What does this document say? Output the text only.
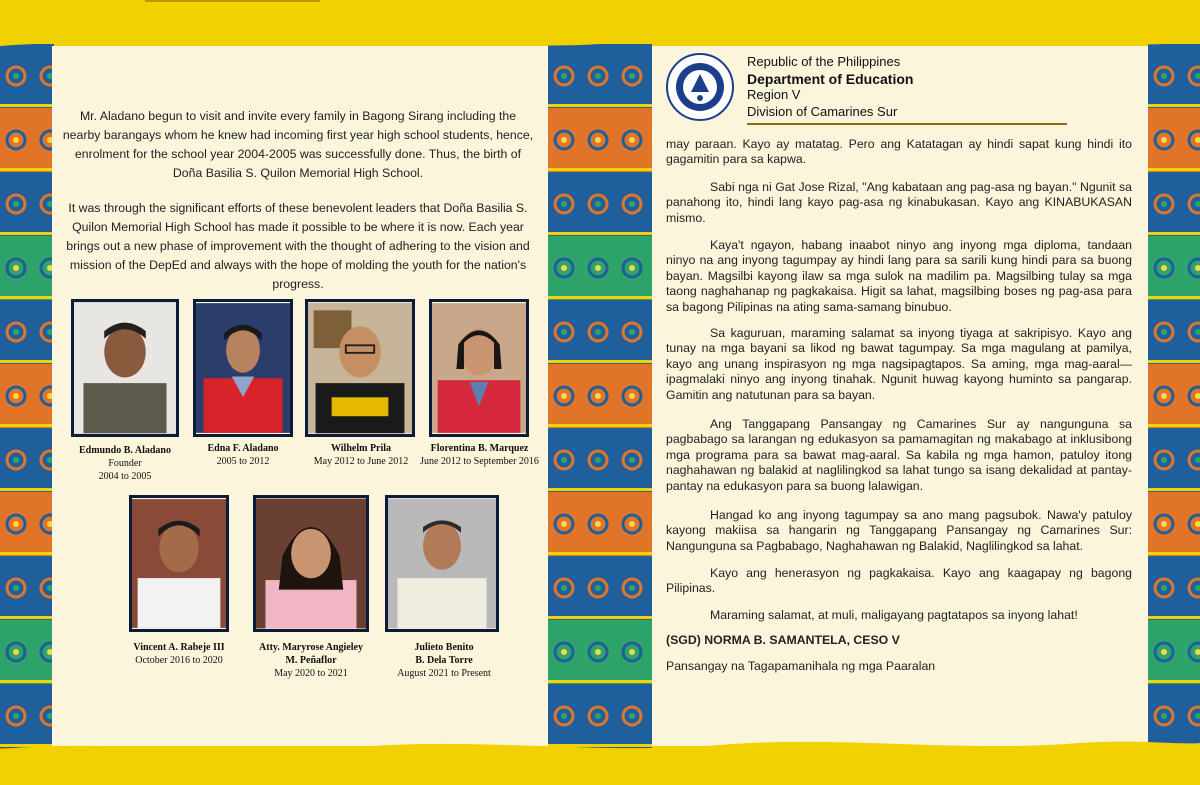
Mr. Aladano begun to visit and invite every family in Bagong Sirang including the nearby barangays whom he knew had incoming first year high school students, hence, enrolment for the school year 2004-2005 was successfully done. Thus, the birth of Doña Basilia S. Quilon Memorial High School.

It was through the significant efforts of these benevolent leaders that Doña Basilia S. Quilon Memorial High School has made it possible to be where it is now. Each year brings out a new phase of improvement with the thought of adhering to the vision and mission of the DepEd and always with the hope of molding the youth for the nation's progress.

Edmundo B. Aladano
Founder
2004 to 2005
Edna F. Aladano
2005 to 2012
Wilhelm Prila
May 2012 to June 2012
Florentina B. Marquez
June 2012 to September 2016
Vincent A. Rabeje III
October 2016 to 2020
Atty. Maryrose Angieley
M. Peñaflor
May 2020 to 2021
Julieto Benito
B. Dela Torre
August 2021 to Present
Republic of the Philippines
Department of Education
Region V
Division of Camarines Sur

may paraan. Kayo ay matatag. Pero ang Katatagan ay hindi sapat kung hindi ito gagamitin para sa kapwa.

Sabi nga ni Gat Jose Rizal, "Ang kabataan ang pag-asa ng bayan." Ngunit sa panahong ito, hindi lang kayo pag-asa ng kinabukasan. Kayo ang KINABUKASAN mismo.

Kaya't ngayon, habang inaabot ninyo ang inyong mga diploma, tandaan ninyo na ang inyong tagumpay ay hindi lang para sa sarili kung hindi para sa buong bayan. Magsilbi kayong ilaw sa mga sulok na madilim pa. Magsilbing tulay sa mga taong naghahanap ng pagkakaisa. Higit sa lahat, magsilbing boses ng pag-asa para sa bagong Pilipinas na ating sama-samang binubuo.

Sa kaguruan, maraming salamat sa inyong tiyaga at sakripisyo. Kayo ang tunay na mga bayani sa likod ng bawat tagumpay. Sa mga magulang at pamilya, kayo ang unang inspirasyon ng mga nagsipagtapos. Sa aming, mga mag-aaral—ipagmalaki ninyo ang inyong tinahak. Ngunit huwag kayong huminto sa pangarap. Gamitin ang natutunan para sa bayan.

Ang Tanggapang Pansangay ng Camarines Sur ay nangunguna sa pagbabago sa larangan ng edukasyon sa pamamagitan ng makabago at inklusibong mga programa para sa bawat mag-aaral. Sa kabila ng mga hamon, patuloy itong naghahawan ng balakid at naglilingkod sa lahat tungo sa isang dekalidad at pantay-pantay na edukasyon para sa buong lalawigan.

Hangad ko ang inyong tagumpay sa ano mang pagsubok. Nawa'y patuloy kayong makiisa sa hangarin ng Tanggapang Pansangay ng Camarines Sur: Nangunguna sa Pagbabago, Naghahawan ng Balakid, Naglilingkod sa lahat.

Kayo ang henerasyon ng pagkakaisa. Kayo ang kaagapay ng bagong Pilipinas.

Maraming salamat, at muli, maligayang pagtatapos sa inyong lahat!

(SGD) NORMA B. SAMANTELA, CESO V

Pansangay na Tagapamanihala ng mga Paaralan
